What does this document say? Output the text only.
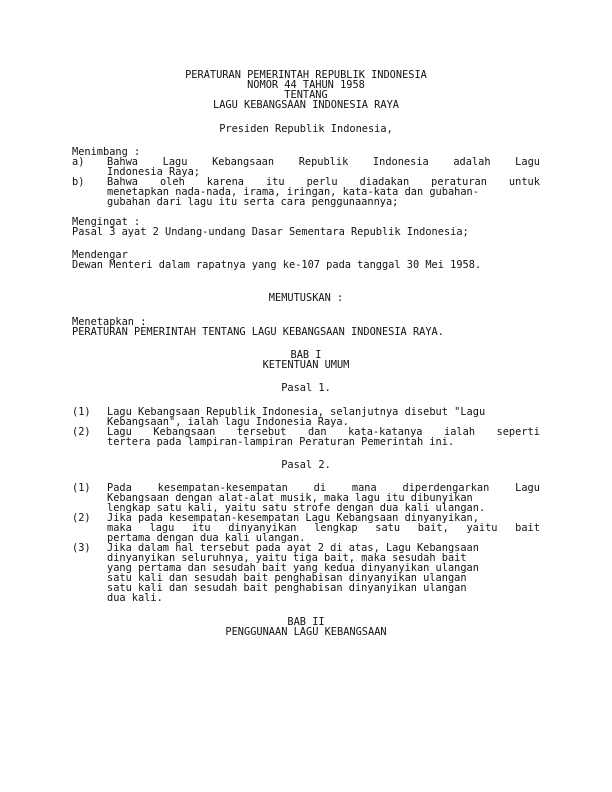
PERATURAN PEMERINTAH REPUBLIK INDONESIA
NOMOR 44 TAHUN 1958
TENTANG
LAGU KEBANGSAAN INDONESIA RAYA
Presiden Republik Indonesia,
Menimbang :
a) Bahwa Lagu Kebangsaan Republik Indonesia adalah Lagu
Indonesia Raya;
b) Bahwa oleh karena itu perlu diadakan peraturan untuk
menetapkan nada-nada, irama, iringan, kata-kata dan gubahan-
gubahan dari lagu itu serta cara penggunaannya;
Mengingat :
Pasal 3 ayat 2 Undang-undang Dasar Sementara Republik Indonesia;
Mendengar
Dewan Menteri dalam rapatnya yang ke-107 pada tanggal 30 Mei 1958.
MEMUTUSKAN :
Menetapkan :
PERATURAN PEMERINTAH TENTANG LAGU KEBANGSAAN INDONESIA RAYA.
BAB I
KETENTUAN UMUM
Pasal 1.
(1) Lagu Kebangsaan Republik Indonesia, selanjutnya disebut "Lagu
Kebangsaan", ialah lagu Indonesia Raya.
(2) Lagu Kebangsaan tersebut dan kata-katanya ialah seperti
tertera pada lampiran-lampiran Peraturan Pemerintah ini.
Pasal 2.
(1) Pada	kesempatan-kesempatan	di	mana	diperdengarkan	Lagu
Kebangsaan dengan alat-alat musik, maka lagu itu dibunyikan
lengkap satu kali, yaitu satu strofe dengan dua kali ulangan.
(2) Jika pada kesempatan-kesempatan Lagu Kebangsaan dinyanyikan,
maka lagu itu dinyanyikan lengkap satu bait, yaitu bait
pertama dengan dua kali ulangan.
(3) Jika dalam hal tersebut pada ayat 2 di atas, Lagu Kebangsaan
dinyanyikan seluruhnya, yaitu tiga bait, maka sesudah bait
yang pertama dan sesudah bait yang kedua dinyanyikan ulangan
satu kali dan sesudah bait penghabisan dinyanyikan ulangan
satu kali dan sesudah bait penghabisan dinyanyikan ulangan
dua kali.
BAB II
PENGGUNAAN LAGU KEBANGSAAN
